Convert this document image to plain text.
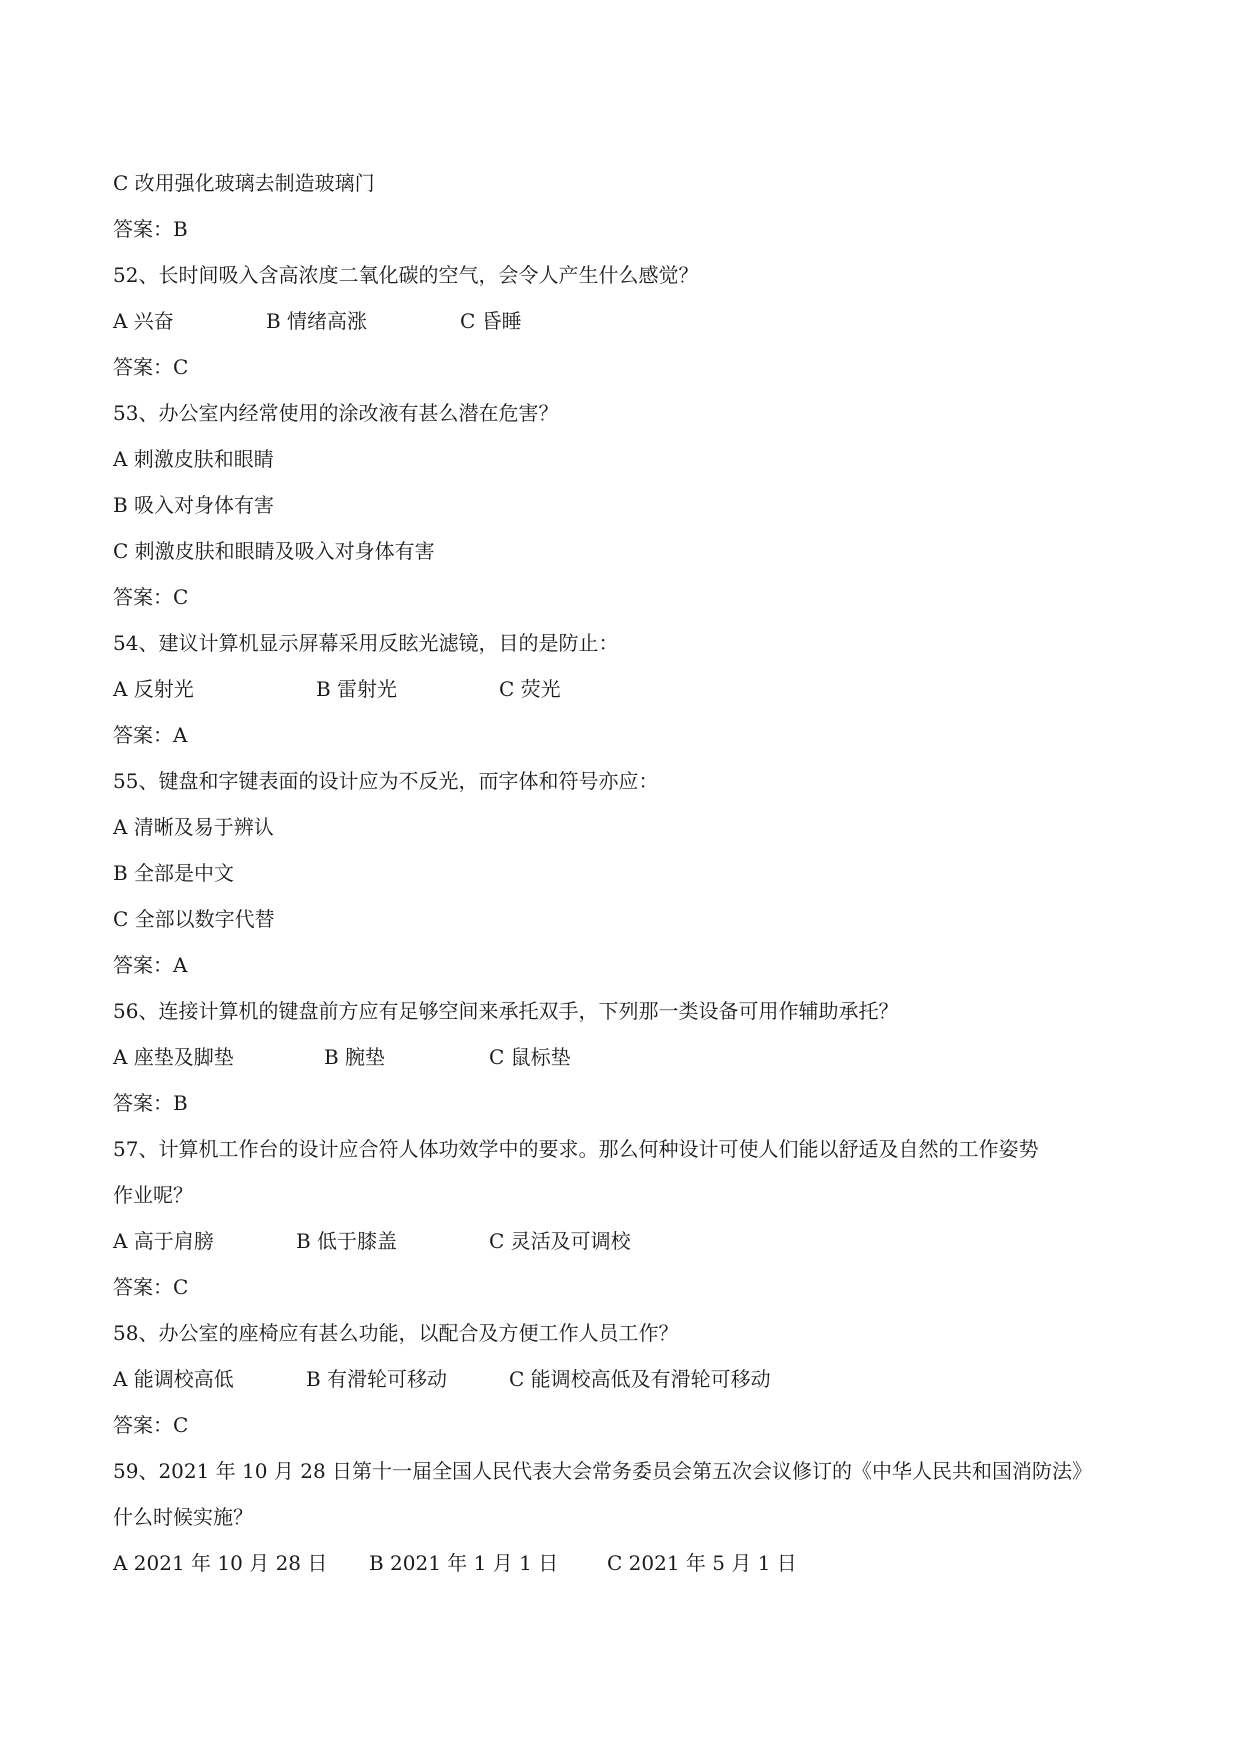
C 改用强化玻璃去制造玻璃门
答案：B
52、长时间吸入含高浓度二氧化碳的空气，会令人产生什么感觉？
A 兴奋	B 情绪高涨	C 昏睡
答案：C
53、办公室内经常使用的涂改液有甚么潜在危害？
A 刺激皮肤和眼睛
B 吸入对身体有害
C 刺激皮肤和眼睛及吸入对身体有害
答案：C
54、建议计算机显示屏幕采用反眩光滤镜，目的是防止：
A 反射光	B 雷射光	C 荧光
答案：A
55、键盘和字键表面的设计应为不反光，而字体和符号亦应：
A 清晰及易于辨认
B 全部是中文
C 全部以数字代替
答案：A
56、连接计算机的键盘前方应有足够空间来承托双手，下列那一类设备可用作辅助承托？
A 座垫及脚垫	B 腕垫	C 鼠标垫
答案：B
57、计算机工作台的设计应合符人体功效学中的要求。那么何种设计可使人们能以舒适及自然的工作姿势
作业呢？
A 高于肩膀	B 低于膝盖	C 灵活及可调校
答案：C
58、办公室的座椅应有甚么功能，以配合及方便工作人员工作？
A 能调校高低	B 有滑轮可移动	C 能调校高低及有滑轮可移动
答案：C
59、2021 年 10 月 28 日第十一届全国人民代表大会常务委员会第五次会议修订的《中华人民共和国消防法》
什么时候实施？
A 2021 年 10 月 28 日 B 2021 年 1 月 1 日 C 2021 年 5 月 1 日
